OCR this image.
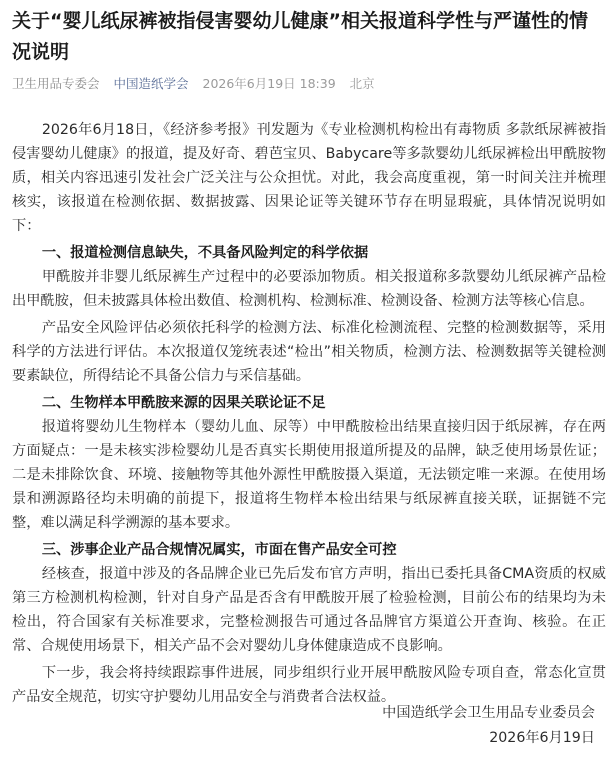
关于“婴儿纸尿裤被指侵害婴幼儿健康”相关报道科学性与严谨性的情况说明
卫生用品专委会 中国造纸学会 2026年6月19日 18:39 北京

2026年6月18日，《经济参考报》刊发题为《专业检测机构检出有毒物质 多款纸尿裤被指侵害婴幼儿健康》的报道，提及好奇、碧芭宝贝、Babycare等多款婴幼儿纸尿裤检出甲酰胺物质，相关内容迅速引发社会广泛关注与公众担忧。对此，我会高度重视，第一时间关注并梳理核实，该报道在检测依据、数据披露、因果论证等关键环节存在明显瑕疵，具体情况说明如下：

一、报道检测信息缺失，不具备风险判定的科学依据

甲酰胺并非婴儿纸尿裤生产过程中的必要添加物质。相关报道称多款婴幼儿纸尿裤产品检出甲酰胺，但未披露具体检出数值、检测机构、检测标准、检测设备、检测方法等核心信息。

产品安全风险评估必须依托科学的检测方法、标准化检测流程、完整的检测数据等，采用科学的方法进行评估。本次报道仅笼统表述“检出”相关物质，检测方法、检测数据等关键检测要素缺位，所得结论不具备公信力与采信基础。

二、生物样本甲酰胺来源的因果关联论证不足

报道将婴幼儿生物样本（婴幼儿血、尿等）中甲酰胺检出结果直接归因于纸尿裤，存在两方面疑点：一是未核实涉检婴幼儿是否真实长期使用报道所提及的品牌，缺乏使用场景佐证；二是未排除饮食、环境、接触物等其他外源性甲酰胺摄入渠道，无法锁定唯一来源。在使用场景和溯源路径均未明确的前提下，报道将生物样本检出结果与纸尿裤直接关联，证据链不完整，难以满足科学溯源的基本要求。

三、涉事企业产品合规情况属实，市面在售产品安全可控

经核查，报道中涉及的各品牌企业已先后发布官方声明，指出已委托具备CMA资质的权威第三方检测机构检测，针对自身产品是否含有甲酰胺开展了检验检测，目前公布的结果均为未检出，符合国家有关标准要求，完整检测报告可通过各品牌官方渠道公开查询、核验。在正常、合规使用场景下，相关产品不会对婴幼儿身体健康造成不良影响。

下一步，我会将持续跟踪事件进展，同步组织行业开展甲酰胺风险专项自查，常态化宣贯产品安全规范，切实守护婴幼儿用品安全与消费者合法权益。

中国造纸学会卫生用品专业委员会
2026年6月19日
